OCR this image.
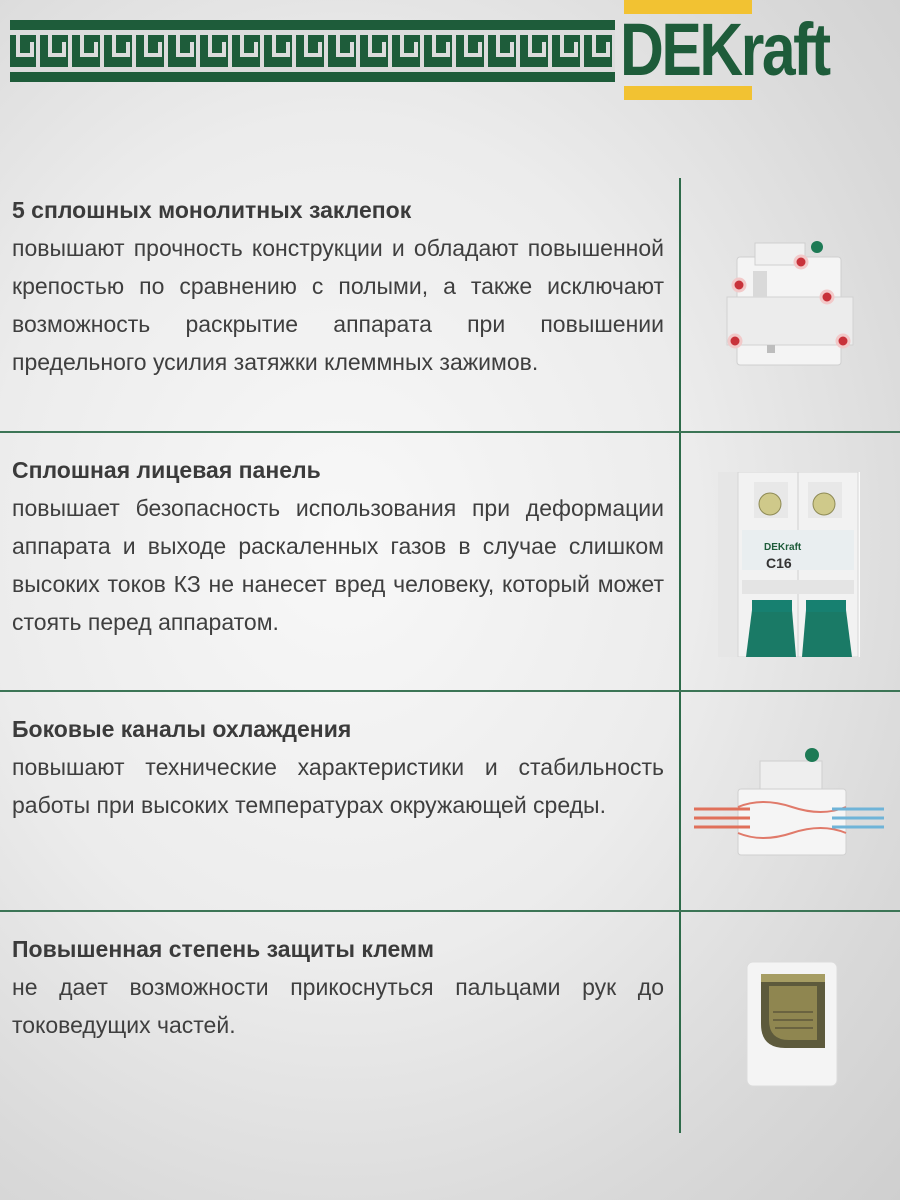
DEKraft
5 сплошных монолитных заклепок
повышают прочность конструкции и обладают повышенной крепостью по сравнению с полыми, а также исключают возможность раскрытие аппарата при повышении предельного усилия затяжки клеммных зажимов.
Сплошная лицевая панель
повышает безопасность использования при деформации аппарата и выходе раскаленных газов в случае слишком высоких токов КЗ не нанесет вред человеку, который может стоять перед аппаратом.
DEKraft
C16
Боковые каналы охлаждения
повышают технические характеристики и стабильность работы при высоких температурах окружающей среды.
Повышенная степень защиты клемм
не дает возможности прикоснуться пальцами рук до токоведущих частей.
